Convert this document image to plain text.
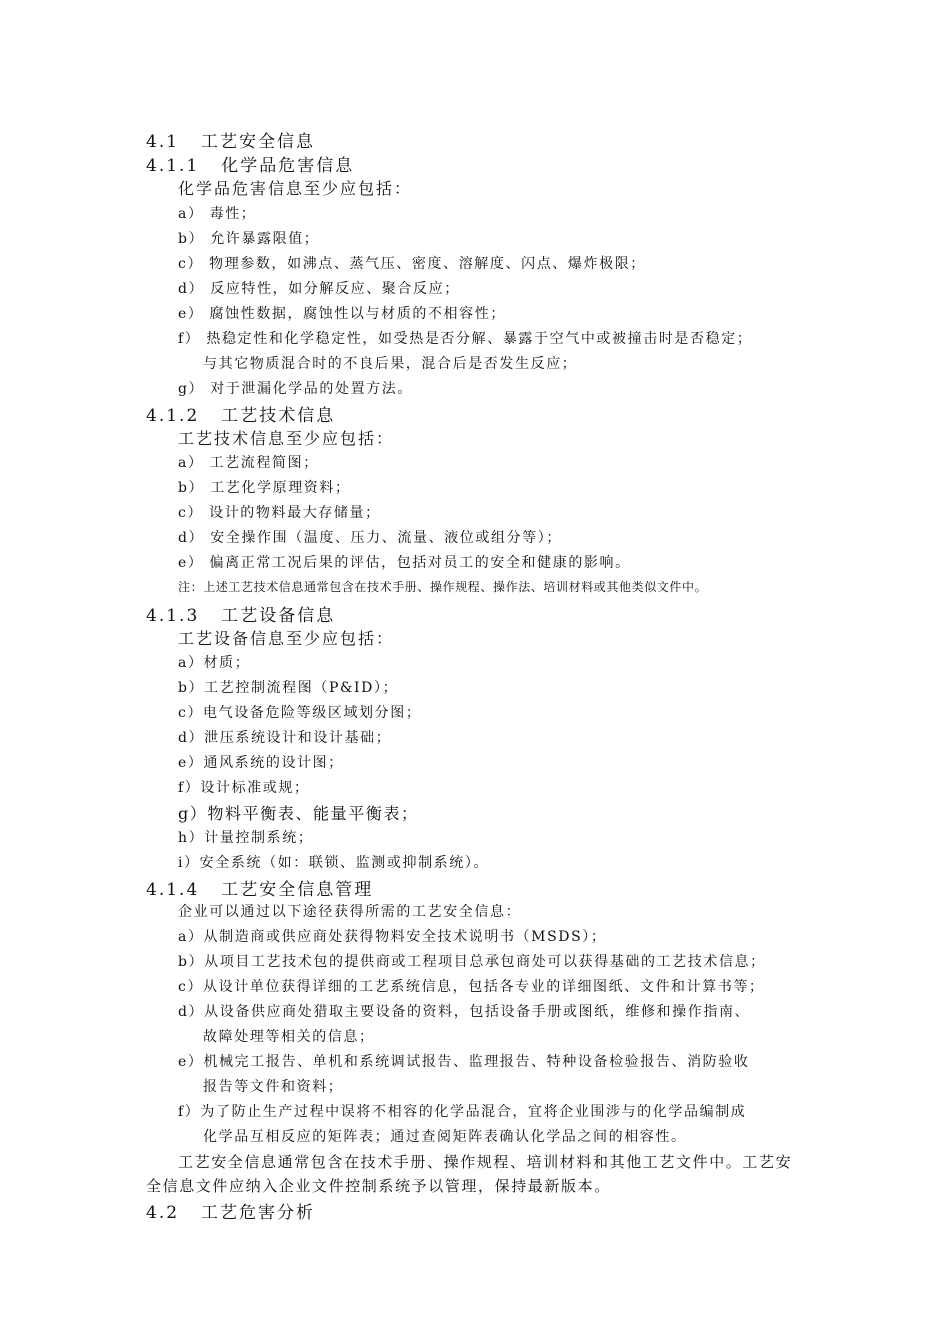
4.1 工艺安全信息
4.1.1 化学品危害信息
化学品危害信息至少应包括：
a） 毒性；
b） 允许暴露限值；
c） 物理参数，如沸点、蒸气压、密度、溶解度、闪点、爆炸极限；
d） 反应特性，如分解反应、聚合反应；
e） 腐蚀性数据，腐蚀性以与材质的不相容性；
f） 热稳定性和化学稳定性，如受热是否分解、暴露于空气中或被撞击时是否稳定；
与其它物质混合时的不良后果，混合后是否发生反应；
g） 对于泄漏化学品的处置方法。
4.1.2 工艺技术信息
工艺技术信息至少应包括：
a） 工艺流程简图；
b） 工艺化学原理资料；
c） 设计的物料最大存储量；
d） 安全操作围（温度、压力、流量、液位或组分等）；
e） 偏离正常工况后果的评估，包括对员工的安全和健康的影响。
注：上述工艺技术信息通常包含在技术手册、操作规程、操作法、培训材料或其他类似文件中。
4.1.3 工艺设备信息
工艺设备信息至少应包括：
a）材质；
b）工艺控制流程图（P&ID）；
c）电气设备危险等级区域划分图；
d）泄压系统设计和设计基础；
e）通风系统的设计图；
f）设计标准或规；
g）物料平衡表、能量平衡表；
h）计量控制系统；
i）安全系统（如：联锁、监测或抑制系统）。
4.1.4 工艺安全信息管理
企业可以通过以下途径获得所需的工艺安全信息：
a）从制造商或供应商处获得物料安全技术说明书（MSDS）；
b）从项目工艺技术包的提供商或工程项目总承包商处可以获得基础的工艺技术信息；
c）从设计单位获得详细的工艺系统信息，包括各专业的详细图纸、文件和计算书等；
d）从设备供应商处猎取主要设备的资料，包括设备手册或图纸，维修和操作指南、
故障处理等相关的信息；
e）机械完工报告、单机和系统调试报告、监理报告、特种设备检验报告、消防验收
报告等文件和资料；
f）为了防止生产过程中误将不相容的化学品混合，宜将企业围涉与的化学品编制成
化学品互相反应的矩阵表；通过查阅矩阵表确认化学品之间的相容性。
工艺安全信息通常包含在技术手册、操作规程、培训材料和其他工艺文件中。工艺安
全信息文件应纳入企业文件控制系统予以管理，保持最新版本。
4.2 工艺危害分析
